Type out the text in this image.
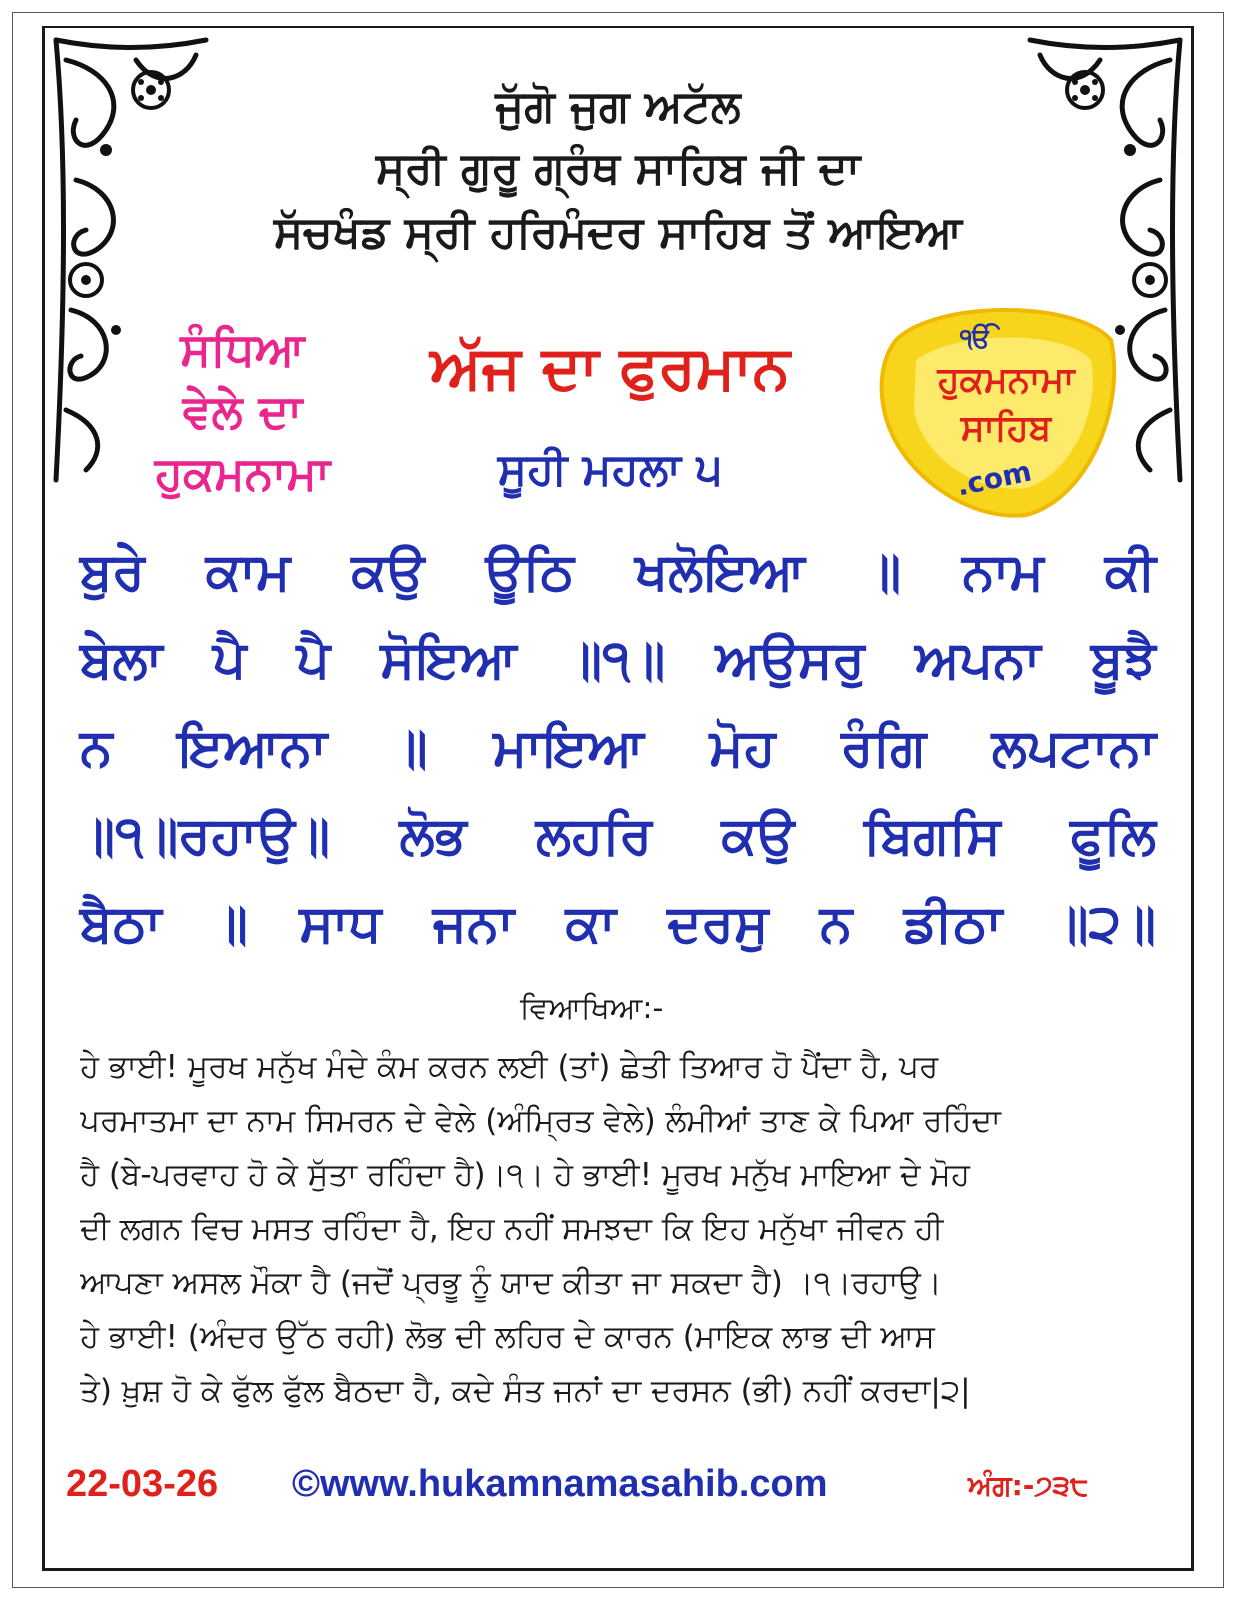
ਜੁੱਗੋ ਜੁਗ ਅਟੱਲ
ਸ੍ਰੀ ਗੁਰੂ ਗ੍ਰੰਥ ਸਾਹਿਬ ਜੀ ਦਾ
ਸੱਚਖੰਡ ਸ੍ਰੀ ਹਰਿਮੰਦਰ ਸਾਹਿਬ ਤੋਂ ਆਇਆ
ਸੰਧਿਆ
ਵੇਲੇ ਦਾ
ਹੁਕਮਨਾਮਾ
ਅੱਜ ਦਾ ਫੁਰਮਾਨ
ਸੂਹੀ ਮਹਲਾ ੫
ੴ
ਹੁਕਮਨਾਮਾ
ਸਾਹਿਬ
.com
ਬੁਰੇ ਕਾਮ ਕਉ ਊਠਿ ਖਲੋਇਆ ॥ ਨਾਮ ਕੀ
ਬੇਲਾ ਪੈ ਪੈ ਸੋਇਆ ॥੧॥ ਅਉਸਰੁ ਅਪਨਾ ਬੂਝੈ
ਨ ਇਆਨਾ ॥ ਮਾਇਆ ਮੋਹ ਰੰਗਿ ਲਪਟਾਨਾ
॥੧॥ਰਹਾਉ॥ ਲੋਭ ਲਹਰਿ ਕਉ ਬਿਗਸਿ ਫੂਲਿ
ਬੈਠਾ ॥ ਸਾਧ ਜਨਾ ਕਾ ਦਰਸੁ ਨ ਡੀਠਾ ॥੨॥
ਵਿਆਖਿਆ:-
ਹੇ ਭਾਈ! ਮੂਰਖ ਮਨੁੱਖ ਮੰਦੇ ਕੰਮ ਕਰਨ ਲਈ (ਤਾਂ) ਛੇਤੀ ਤਿਆਰ ਹੋ ਪੈਂਦਾ ਹੈ, ਪਰ
ਪਰਮਾਤਮਾ ਦਾ ਨਾਮ ਸਿਮਰਨ ਦੇ ਵੇਲੇ (ਅੰਮ੍ਰਿਤ ਵੇਲੇ) ਲੰਮੀਆਂ ਤਾਣ ਕੇ ਪਿਆ ਰਹਿੰਦਾ
ਹੈ (ਬੇ-ਪਰਵਾਹ ਹੋ ਕੇ ਸੁੱਤਾ ਰਹਿੰਦਾ ਹੈ)।੧। ਹੇ ਭਾਈ! ਮੂਰਖ ਮਨੁੱਖ ਮਾਇਆ ਦੇ ਮੋਹ
ਦੀ ਲਗਨ ਵਿਚ ਮਸਤ ਰਹਿੰਦਾ ਹੈ, ਇਹ ਨਹੀਂ ਸਮਝਦਾ ਕਿ ਇਹ ਮਨੁੱਖਾ ਜੀਵਨ ਹੀ
ਆਪਣਾ ਅਸਲ ਮੌਕਾ ਹੈ (ਜਦੋਂ ਪ੍ਰਭੂ ਨੂੰ ਯਾਦ ਕੀਤਾ ਜਾ ਸਕਦਾ ਹੈ) ।੧।ਰਹਾਉ।
ਹੇ ਭਾਈ! (ਅੰਦਰ ਉੱਠ ਰਹੀ) ਲੋਭ ਦੀ ਲਹਿਰ ਦੇ ਕਾਰਨ (ਮਾਇਕ ਲਾਭ ਦੀ ਆਸ
ਤੇ) ਖ਼ੁਸ਼ ਹੋ ਕੇ ਫੁੱਲ ਫੁੱਲ ਬੈਠਦਾ ਹੈ, ਕਦੇ ਸੰਤ ਜਨਾਂ ਦਾ ਦਰਸਨ (ਭੀ) ਨਹੀਂ ਕਰਦਾ|੨|
22-03-26 ©www.hukamnamasahib.com	ਅੰਗ:-੭੩੮
